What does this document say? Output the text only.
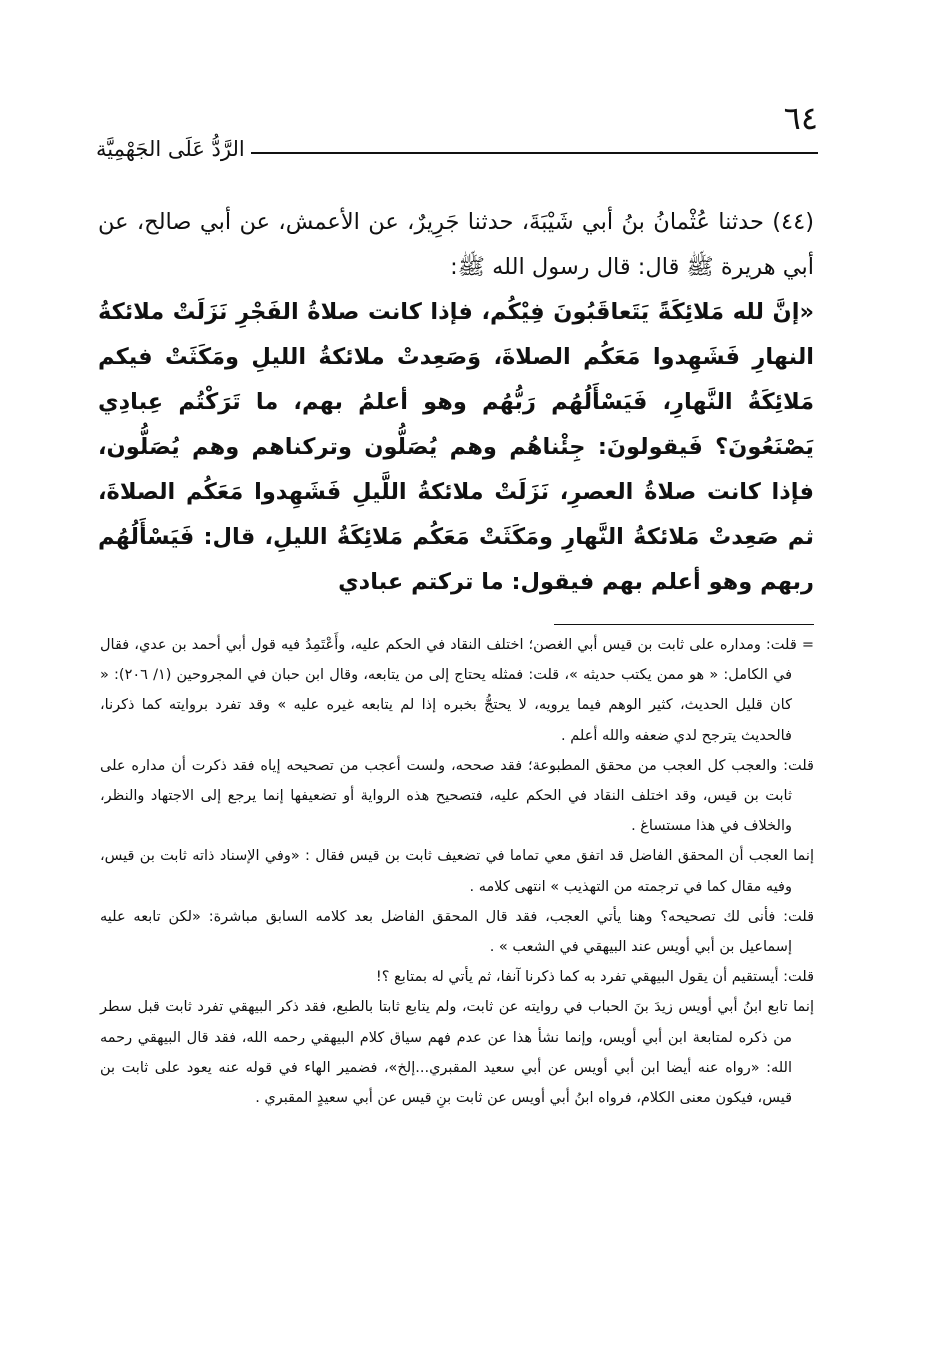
٦٤
الرَّدُّ عَلَى الجَهْمِيَّة

(٤٤) حدثنا عُثْمانُ بنُ أبي شَيْبَةَ، حدثنا جَرِيرٌ، عن الأعمش، عن أبي صالح، عن أبي هريرة ﷺ قال: قال رسول الله ﷺ:

«إنَّ لله مَلائِكَةً يَتَعاقَبُونَ فِيْكُم، فإذا كانت صلاةُ الفَجْرِ نَزَلَتْ ملائكةُ النهارِ فَشَهِدوا مَعَكُم الصلاةَ، وَصَعِدتْ ملائكةُ الليلِ ومَكَثَتْ فيكم مَلائِكَةُ النَّهارِ، فَيَسْأَلُهُم رَبُّهُم وهو أعلمُ بهم، ما تَرَكْتُم عِبادِي يَصْنَعُونَ؟ فَيقولونَ: جِئْناهُم وهم يُصَلُّون وتركناهم وهم يُصَلُّون، فإذا كانت صلاةُ العصرِ، نَزَلَتْ ملائكةُ اللَّيلِ فَشَهِدوا مَعَكُم الصلاةَ، ثم صَعِدتْ مَلائكةُ النَّهارِ ومَكَثَتْ مَعَكُم مَلائِكَةُ الليلِ، قال: فَيَسْأَلُهُم ربهم وهو أعلم بهم فيقول: ما تركتم عبادي

= قلت: ومداره على ثابت بن قيس أبي الغصن؛ اختلف النقاد في الحكم عليه، وأَعْتَمِدُ فيه قول أبي أحمد بن عدي، فقال في الكامل: « هو ممن يكتب حديثه »، قلت: فمثله يحتاج إلى من يتابعه، وقال ابن حبان في المجروحين (١/ ٢٠٦): « كان قليل الحديث، كثير الوهم فيما يرويه، لا يحتجُّ بخبره إذا لم يتابعه غيره عليه » وقد تفرد بروايته كما ذكرنا، فالحديث يترجح لدي ضعفه والله أعلم .

قلت: والعجب كل العجب من محقق المطبوعة؛ فقد صححه، ولست أعجب من تصحيحه إياه فقد ذكرت أن مداره على ثابت بن قيس، وقد اختلف النقاد في الحكم عليه، فتصحيح هذه الرواية أو تضعيفها إنما يرجع إلى الاجتهاد والنظر، والخلاف في هذا مستساغ .

إنما العجب أن المحقق الفاضل قد اتفق معي تماما في تضعيف ثابت بن قيس فقال : «وفي الإسناد ذاته ثابت بن قيس، وفيه مقال كما في ترجمته من التهذيب » انتهى كلامه .

قلت: فأنى لك تصحيحه؟ وهنا يأتي العجب، فقد قال المحقق الفاضل بعد كلامه السابق مباشرة: «لكن تابعه عليه إسماعيل بن أبي أويس عند البيهقي في الشعب » .

قلت: أيستقيم أن يقول البيهقي تفرد به كما ذكرنا آنفا، ثم يأتي له بمتابع ؟!

إنما تابع ابنُ أبي أويس زيدَ بنَ الحباب في روايته عن ثابت، ولم يتابع ثابتا بالطبع، فقد ذكر البيهقي تفرد ثابت قبل سطر من ذكره لمتابعة ابن أبي أويس، وإنما نشأ هذا عن عدم فهم سياق كلام البيهقي رحمه الله، فقد قال البيهقي رحمه الله: «رواه عنه أيضا ابن أبي أويس عن أبي سعيد المقبري...إلخ»، فضمير الهاء في قوله عنه يعود على ثابت بن قيس، فيكون معنى الكلام، فرواه ابنُ أبي أويس عن ثابت بنِ قيس عن أبي سعيدٍ المقبري .
